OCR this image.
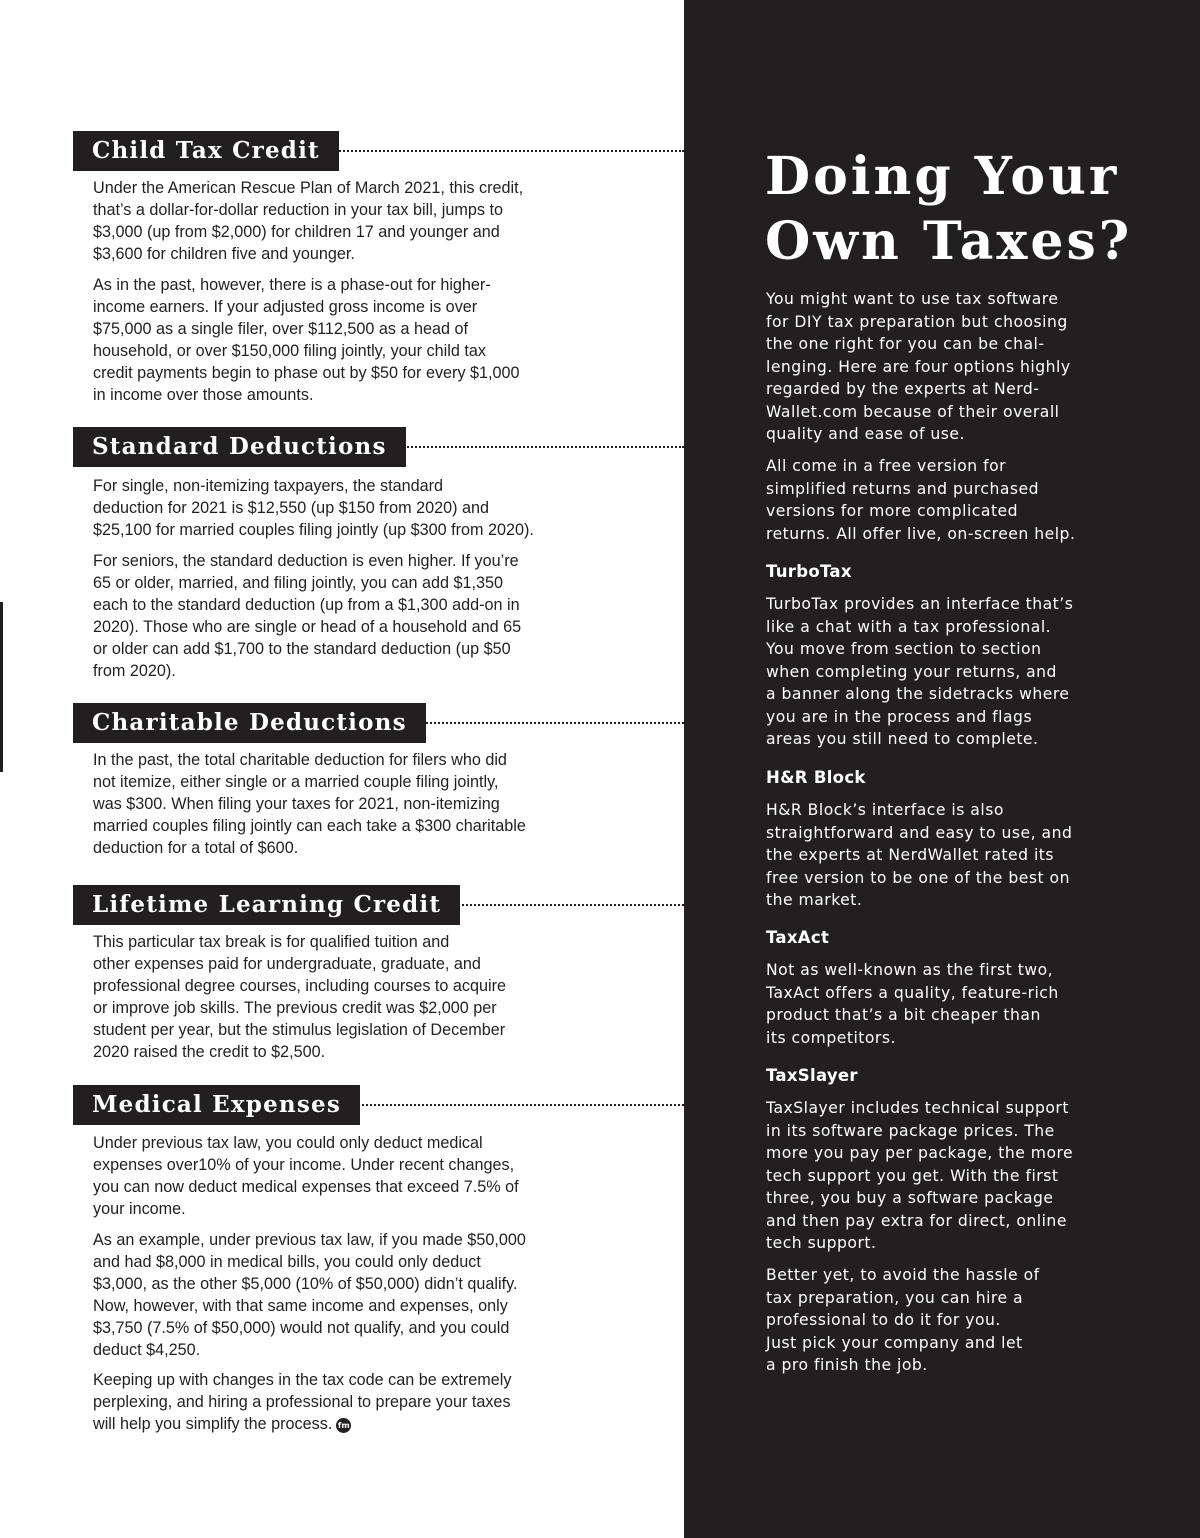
Child Tax Credit

Under the American Rescue Plan of March 2021, this credit,
that’s a dollar-for-dollar reduction in your tax bill, jumps to
$3,000 (up from $2,000) for children 17 and younger and
$3,600 for children five and younger.

As in the past, however, there is a phase-out for higher-
income earners. If your adjusted gross income is over
$75,000 as a single filer, over $112,500 as a head of
household, or over $150,000 filing jointly, your child tax
credit payments begin to phase out by $50 for every $1,000
in income over those amounts.

Standard Deductions

For single, non-itemizing taxpayers, the standard
deduction for 2021 is $12,550 (up $150 from 2020) and
$25,100 for married couples filing jointly (up $300 from 2020).

For seniors, the standard deduction is even higher. If you’re
65 or older, married, and filing jointly, you can add $1,350
each to the standard deduction (up from a $1,300 add-on in
2020). Those who are single or head of a household and 65
or older can add $1,700 to the standard deduction (up $50
from 2020).

Charitable Deductions

In the past, the total charitable deduction for filers who did
not itemize, either single or a married couple filing jointly,
was $300. When filing your taxes for 2021, non-itemizing
married couples filing jointly can each take a $300 charitable
deduction for a total of $600.

Lifetime Learning Credit

This particular tax break is for qualified tuition and
other expenses paid for undergraduate, graduate, and
professional degree courses, including courses to acquire
or improve job skills. The previous credit was $2,000 per
student per year, but the stimulus legislation of December
2020 raised the credit to $2,500.

Medical Expenses

Under previous tax law, you could only deduct medical
expenses over10% of your income. Under recent changes,
you can now deduct medical expenses that exceed 7.5% of
your income.

As an example, under previous tax law, if you made $50,000
and had $8,000 in medical bills, you could only deduct
$3,000, as the other $5,000 (10% of $50,000) didn’t qualify.
Now, however, with that same income and expenses, only
$3,750 (7.5% of $50,000) would not qualify, and you could
deduct $4,250.

Keeping up with changes in the tax code can be extremely
perplexing, and hiring a professional to prepare your taxes
will help you simplify the process. fm

Doing Your
Own Taxes?

You might want to use tax software
for DIY tax preparation but choosing
the one right for you can be chal-
lenging. Here are four options highly
regarded by the experts at Nerd-
Wallet.com because of their overall
quality and ease of use.

All come in a free version for
simplified returns and purchased
versions for more complicated
returns. All offer live, on-screen help.

TurboTax

TurboTax provides an interface that’s
like a chat with a tax professional.
You move from section to section
when completing your returns, and
a banner along the sidetracks where
you are in the process and flags
areas you still need to complete.

H&R Block

H&R Block’s interface is also
straightforward and easy to use, and
the experts at NerdWallet rated its
free version to be one of the best on
the market.

TaxAct

Not as well-known as the first two,
TaxAct offers a quality, feature-rich
product that’s a bit cheaper than
its competitors.

TaxSlayer

TaxSlayer includes technical support
in its software package prices. The
more you pay per package, the more
tech support you get. With the first
three, you buy a software package
and then pay extra for direct, online
tech support.

Better yet, to avoid the hassle of
tax preparation, you can hire a
professional to do it for you.
Just pick your company and let
a pro finish the job.
